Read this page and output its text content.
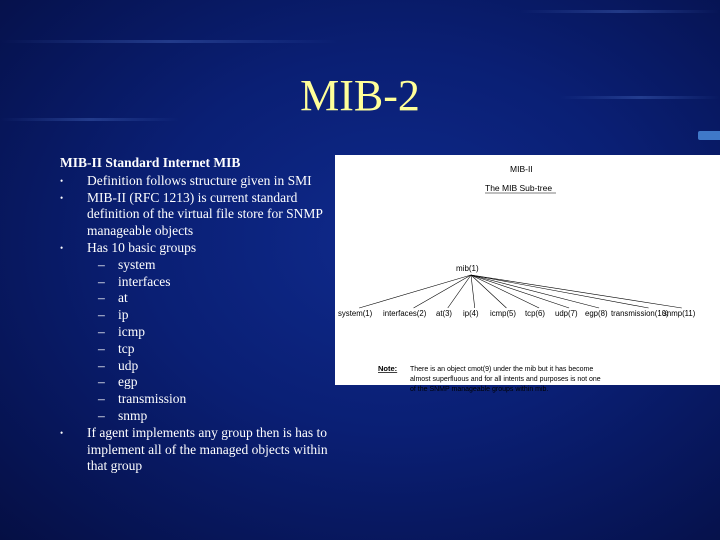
MIB-2
MIB-II Standard Internet MIB
• Definition follows structure given in SMI
• MIB-II (RFC 1213) is current standard definition of the virtual file store for SNMP manageable objects
• Has 10 basic groups
– system
– interfaces
– at
– ip
– icmp
– tcp
– udp
– egp
– transmission
– snmp
• If agent implements any group then is has to implement all of the managed objects within that group
MIB-II
The MIB Sub-tree
mib(1)
system(1) interfaces(2) at(3) ip(4) icmp(5) tcp(6) udp(7) egp(8) transmission(10)
snmp(11)
Note: There is an object cmot(9) under the mib but it has become
almost superfluous and for all intents and purposes is not one
of the SNMP manageable groups within mib.
